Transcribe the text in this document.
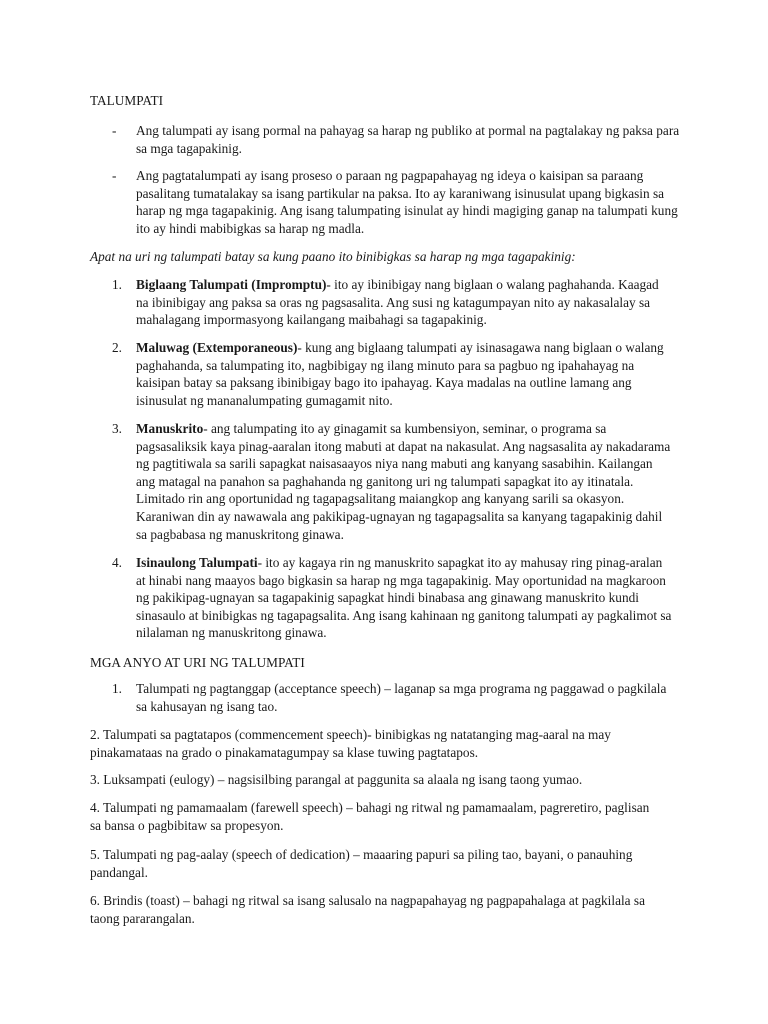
TALUMPATI
- Ang talumpati ay isang pormal na pahayag sa harap ng publiko at pormal na pagtalakay ng paksa para sa mga tagapakinig.
- Ang pagtatalumpati ay isang proseso o paraan ng pagpapahayag ng ideya o kaisipan sa paraang pasalitang tumatalakay sa isang partikular na paksa. Ito ay karaniwang isinusulat upang bigkasin sa harap ng mga tagapakinig. Ang isang talumpating isinulat ay hindi magiging ganap na talumpati kung ito ay hindi mabibigkas sa harap ng madla.
Apat na uri ng talumpati batay sa kung paano ito binibigkas sa harap ng mga tagapakinig:
1. Biglaang Talumpati (Impromptu)- ito ay ibinibigay nang biglaan o walang paghahanda. Kaagad na ibinibigay ang paksa sa oras ng pagsasalita. Ang susi ng katagumpayan nito ay nakasalalay sa mahalagang impormasyong kailangang maibahagi sa tagapakinig.
2. Maluwag (Extemporaneous)- kung ang biglaang talumpati ay isinasagawa nang biglaan o walang paghahanda, sa talumpating ito, nagbibigay ng ilang minuto para sa pagbuo ng ipahahayag na kaisipan batay sa paksang ibinibigay bago ito ipahayag. Kaya madalas na outline lamang ang isinusulat ng mananalumpating gumagamit nito.
3. Manuskrito- ang talumpating ito ay ginagamit sa kumbensiyon, seminar, o programa sa pagsasaliksik kaya pinag-aaralan itong mabuti at dapat na nakasulat. Ang nagsasalita ay nakadarama ng pagtitiwala sa sarili sapagkat naisasaayos niya nang mabuti ang kanyang sasabihin. Kailangan ang matagal na panahon sa paghahanda ng ganitong uri ng talumpati sapagkat ito ay itinatala. Limitado rin ang oportunidad ng tagapagsalitang maiangkop ang kanyang sarili sa okasyon. Karaniwan din ay nawawala ang pakikipag-ugnayan ng tagapagsalita sa kanyang tagapakinig dahil sa pagbabasa ng manuskritong ginawa.
4. Isinaulong Talumpati- ito ay kagaya rin ng manuskrito sapagkat ito ay mahusay ring pinag-aralan at hinabi nang maayos bago bigkasin sa harap ng mga tagapakinig. May oportunidad na magkaroon ng pakikipag-ugnayan sa tagapakinig sapagkat hindi binabasa ang ginawang manuskrito kundi sinasaulo at binibigkas ng tagapagsalita. Ang isang kahinaan ng ganitong talumpati ay pagkalimot sa nilalaman ng manuskritong ginawa.
MGA ANYO AT URI NG TALUMPATI
1. Talumpati ng pagtanggap (acceptance speech) – laganap sa mga programa ng paggawad o pagkilala sa kahusayan ng isang tao.
2. Talumpati sa pagtatapos (commencement speech)- binibigkas ng natatanging mag-aaral na may pinakamataas na grado o pinakamatagumpay sa klase tuwing pagtatapos.
3. Luksampati (eulogy) – nagsisilbing parangal at paggunita sa alaala ng isang taong yumao.
4. Talumpati ng pamamaalam (farewell speech) – bahagi ng ritwal ng pamamaalam, pagreretiro, paglisan sa bansa o pagbibitaw sa propesyon.
5. Talumpati ng pag-aalay (speech of dedication) – maaaring papuri sa piling tao, bayani, o panauhing pandangal.
6. Brindis (toast) – bahagi ng ritwal sa isang salusalo na nagpapahayag ng pagpapahalaga at pagkilala sa taong pararangalan.
